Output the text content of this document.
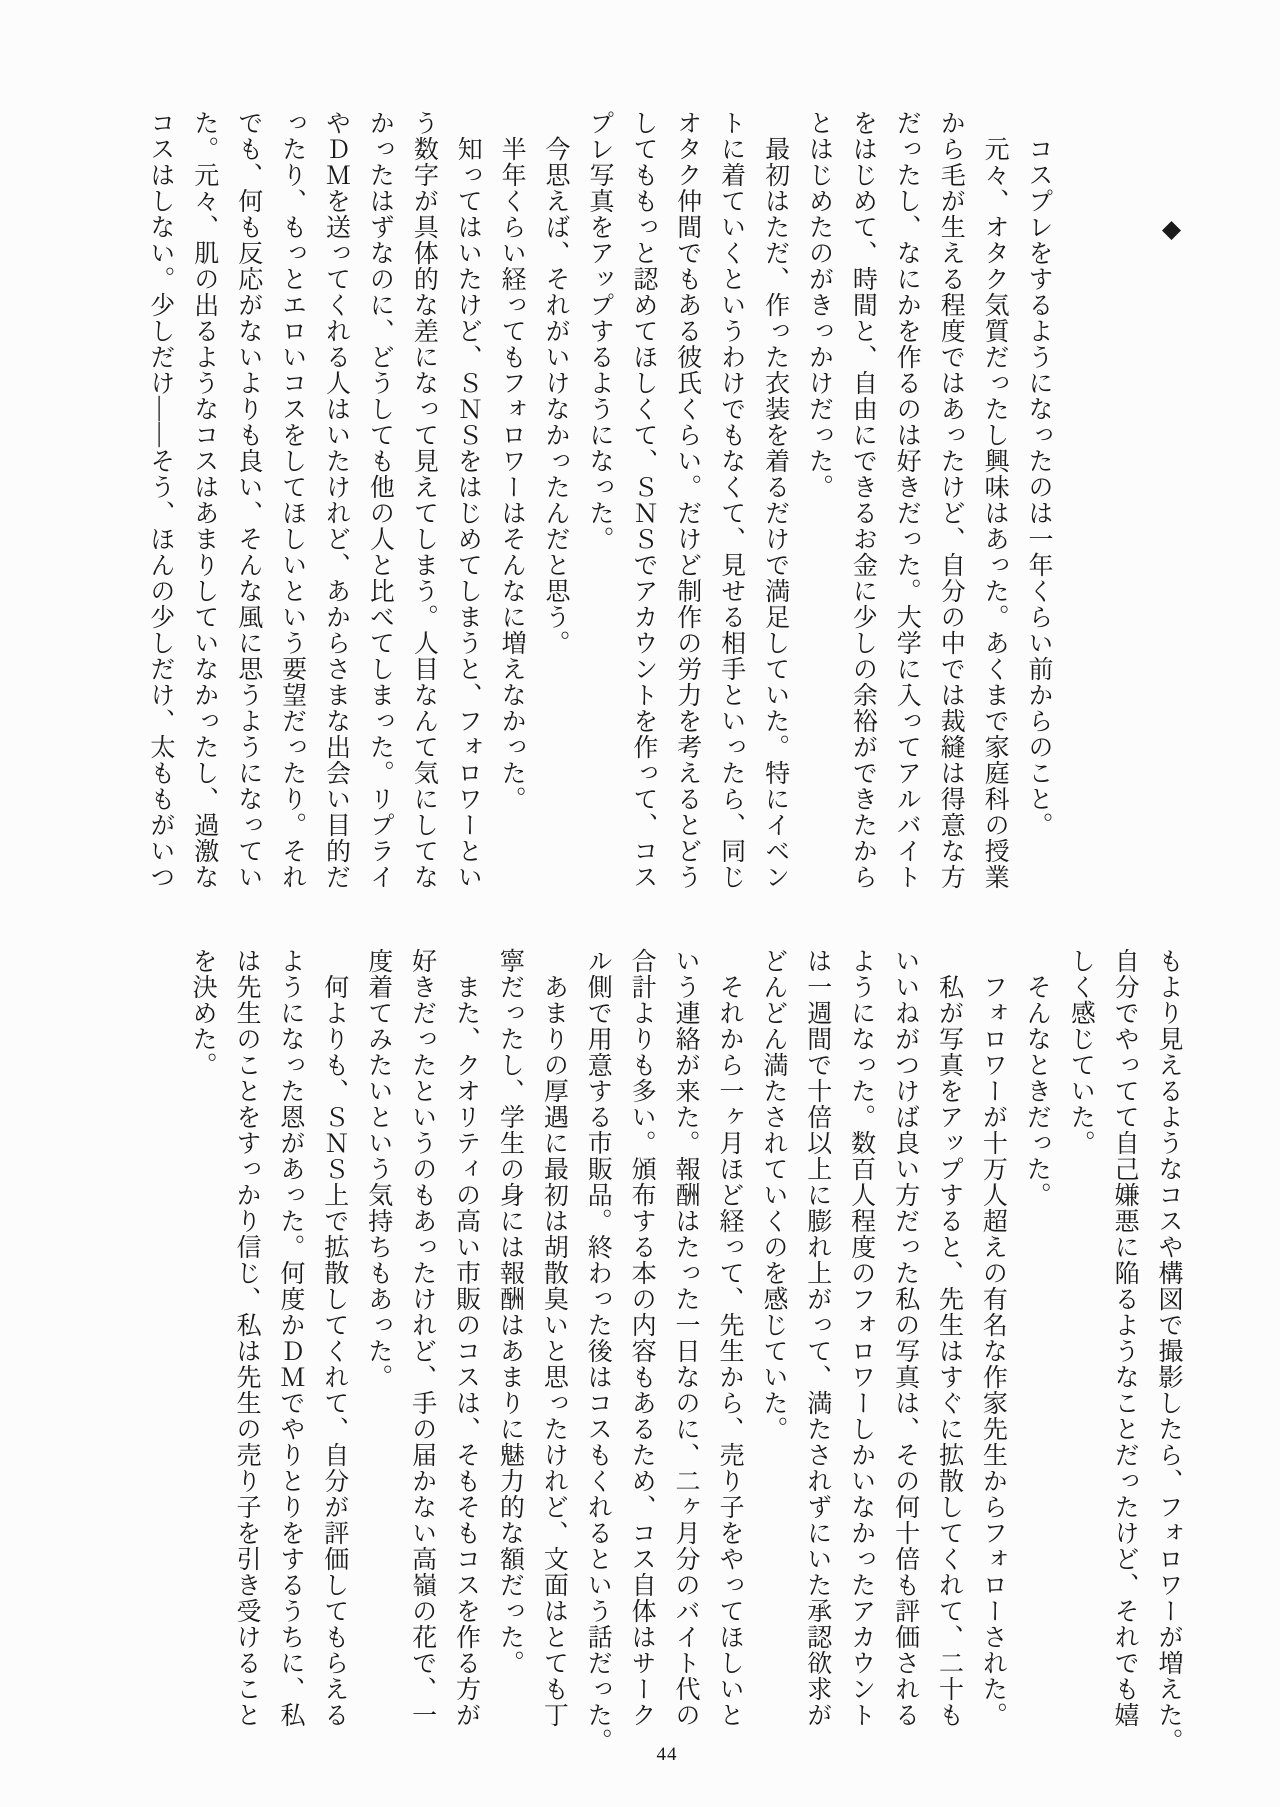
◆
　コスプレをするようになったのは一年くらい前からのこと。
　元々、オタク気質だったし興味はあった。あくまで家庭科の授業
から毛が生える程度ではあったけど、自分の中では裁縫は得意な方
だったし、なにかを作るのは好きだった。大学に入ってアルバイト
をはじめて、時間と、自由にできるお金に少しの余裕ができたから
とはじめたのがきっかけだった。
　最初はただ、作った衣装を着るだけで満足していた。特にイベン
トに着ていくというわけでもなくて、見せる相手といったら、同じ
オタク仲間でもある彼氏くらい。だけど制作の労力を考えるとどう
してももっと認めてほしくて、ＳＮＳでアカウントを作って、コス
プレ写真をアップするようになった。
　今思えば、それがいけなかったんだと思う。
　半年くらい経ってもフォロワーはそんなに増えなかった。
　知ってはいたけど、ＳＮＳをはじめてしまうと、フォロワーとい
う数字が具体的な差になって見えてしまう。人目なんて気にしてな
かったはずなのに、どうしても他の人と比べてしまった。リプライ
やＤＭを送ってくれる人はいたけれど、あからさまな出会い目的だ
ったり、もっとエロいコスをしてほしいという要望だったり。それ
でも、何も反応がないよりも良い、そんな風に思うようになってい
た。元々、肌の出るようなコスはあまりしていなかったし、過激な
コスはしない。少しだけ――そう、ほんの少しだけ、太ももがいつ
もより見えるようなコスや構図で撮影したら、フォロワーが増えた。
自分でやってて自己嫌悪に陥るようなことだったけど、それでも嬉
しく感じていた。
　そんなときだった。
　フォロワーが十万人超えの有名な作家先生からフォローされた。
　私が写真をアップすると、先生はすぐに拡散してくれて、二十も
いいねがつけば良い方だった私の写真は、その何十倍も評価される
ようになった。数百人程度のフォロワーしかいなかったアカウント
は一週間で十倍以上に膨れ上がって、満たされずにいた承認欲求が
どんどん満たされていくのを感じていた。
　それから一ヶ月ほど経って、先生から、売り子をやってほしいと
いう連絡が来た。報酬はたった一日なのに、二ヶ月分のバイト代の
合計よりも多い。頒布する本の内容もあるため、コス自体はサーク
ル側で用意する市販品。終わった後はコスもくれるという話だった。
　あまりの厚遇に最初は胡散臭いと思ったけれど、文面はとても丁
寧だったし、学生の身には報酬はあまりに魅力的な額だった。
　また、クオリティの高い市販のコスは、そもそもコスを作る方が
好きだったというのもあったけれど、手の届かない高嶺の花で、一
度着てみたいという気持ちもあった。
　何よりも、ＳＮＳ上で拡散してくれて、自分が評価してもらえる
ようになった恩があった。何度かＤＭでやりとりをするうちに、私
は先生のことをすっかり信じ、私は先生の売り子を引き受けること
を決めた。
44
